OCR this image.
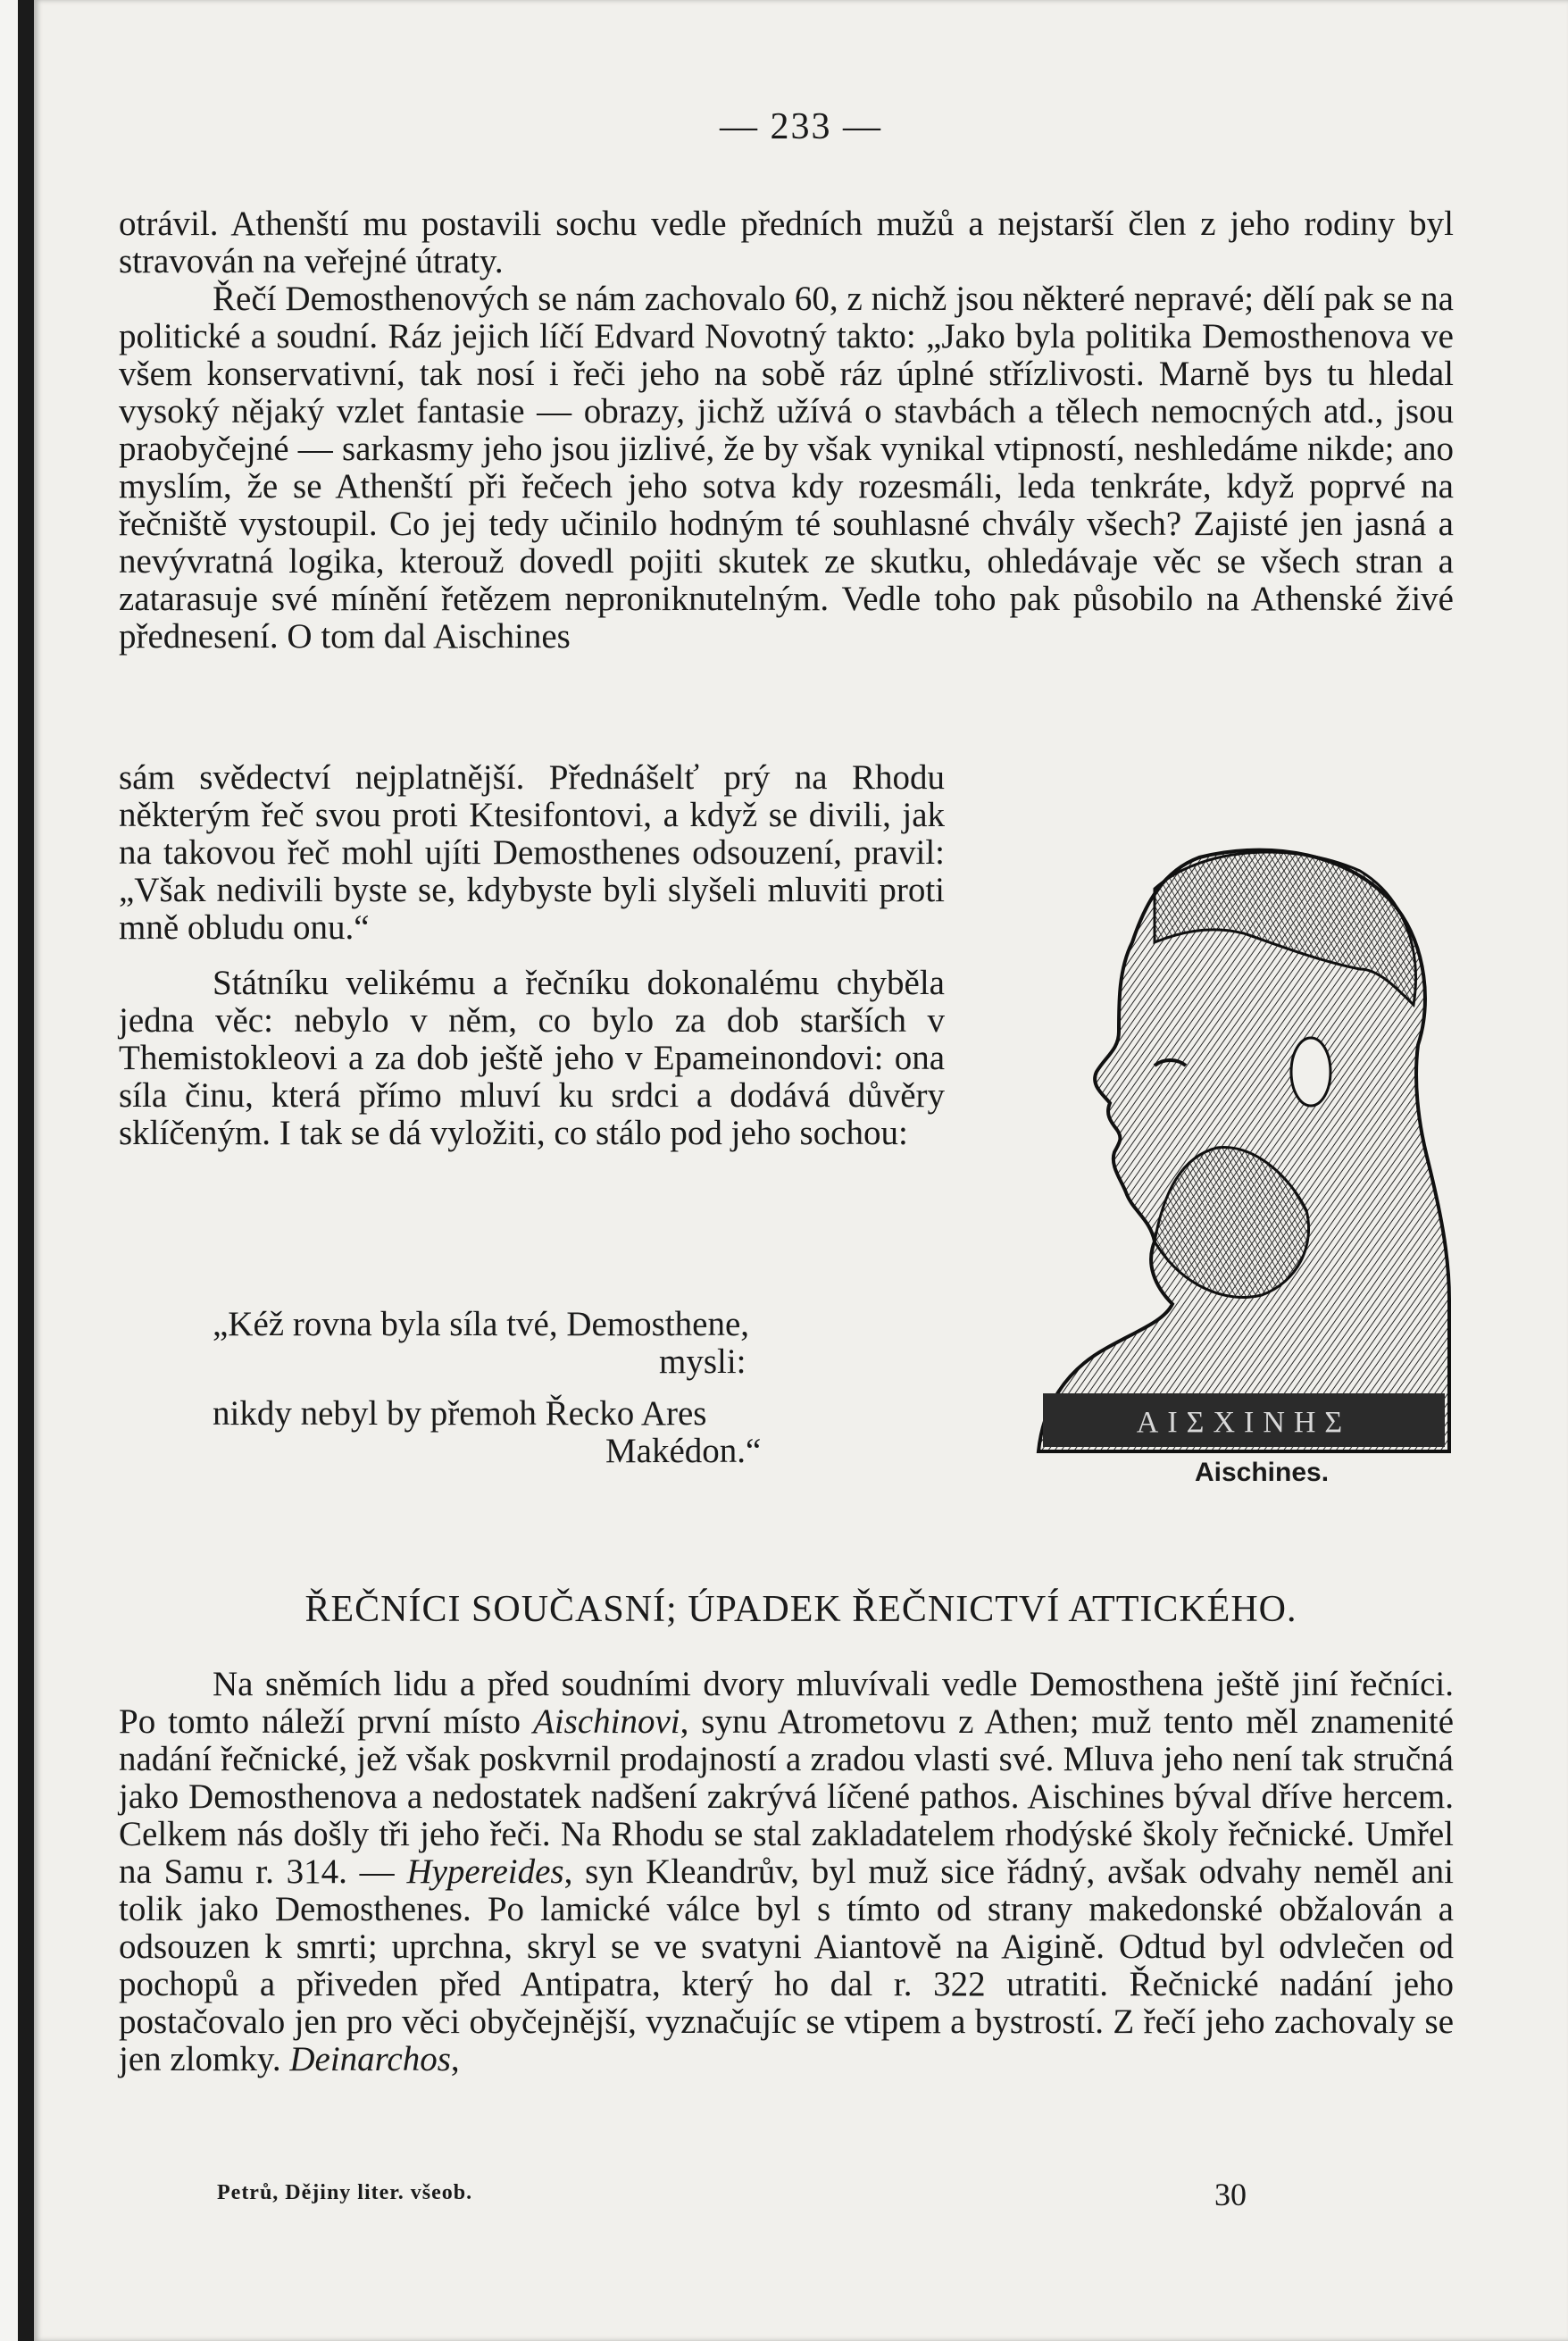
— 233 —

otrávil. Athenští mu postavili sochu vedle předních mužů a nejstarší člen z jeho rodiny byl stravován na veřejné útraty.

Řečí Demosthenových se nám zachovalo 60, z nichž jsou některé nepravé; dělí pak se na politické a soudní. Ráz jejich líčí Edvard Novotný takto: „Jako byla politika Demosthenova ve všem konservativní, tak nosí i řeči jeho na sobě ráz úplné střízlivosti. Marně bys tu hledal vysoký nějaký vzlet fantasie — obrazy, jichž užívá o stavbách a tělech nemocných atd., jsou praobyčejné — sarkasmy jeho jsou jizlivé, že by však vynikal vtipností, neshledáme nikde; ano myslím, že se Athenští při řečech jeho sotva kdy rozesmáli, leda tenkráte, když poprvé na řečniště vystoupil. Co jej tedy učinilo hodným té souhlasné chvály všech? Zajisté jen jasná a nevývratná logika, kterouž dovedl pojiti skutek ze skutku, ohledávaje věc se všech stran a zatarasuje své mínění řetězem neproniknutelným. Vedle toho pak působilo na Athenské živé přednesení. O tom dal Aischines

sám svědectví nejplatnější. Přednášelť prý na Rhodu některým řeč svou proti Ktesifontovi, a když se divili, jak na takovou řeč mohl ujíti Demosthenes odsouzení, pravil: „Však nedivili byste se, kdybyste byli slyšeli mluviti proti mně obludu onu.“

Státníku velikému a řečníku dokonalému chyběla jedna věc: nebylo v něm, co bylo za dob starších v Themistokleovi a za dob ještě jeho v Epameinondovi: ona síla činu, která přímo mluví ku srdci a dodává důvěry sklíčeným. I tak se dá vyložiti, co stálo pod jeho sochou:

„Kéž rovna byla síla tvé, Demosthene,
mysli:
nikdy nebyl by přemoh Řecko Ares
Makédon.“
ΑΙΣΧΙΝΗΣ
Aischines.
ŘEČNÍCI SOUČASNÍ; ÚPADEK ŘEČNICTVÍ ATTICKÉHO.

Na sněmích lidu a před soudními dvory mluvívali vedle Demosthena ještě jiní řečníci. Po tomto náleží první místo Aischinovi, synu Atrometovu z Athen; muž tento měl znamenité nadání řečnické, jež však poskvrnil prodajností a zradou vlasti své. Mluva jeho není tak stručná jako Demosthenova a nedostatek nadšení zakrývá líčené pathos. Aischines býval dříve hercem. Celkem nás došly tři jeho řeči. Na Rhodu se stal zakladatelem rhodýské školy řečnické. Umřel na Samu r. 314. — Hypereides, syn Kleandrův, byl muž sice řádný, avšak odvahy neměl ani tolik jako Demosthenes. Po lamické válce byl s tímto od strany makedonské obžalován a odsouzen k smrti; uprchna, skryl se ve svatyni Aiantově na Aigině. Odtud byl odvlečen od pochopů a přiveden před Antipatra, který ho dal r. 322 utratiti. Řečnické nadání jeho postačovalo jen pro věci obyčejnější, vyznačujíc se vtipem a bystrostí. Z řečí jeho zachovaly se jen zlomky. Deinarchos,

Petrů, Dějiny liter. všeob.	30
